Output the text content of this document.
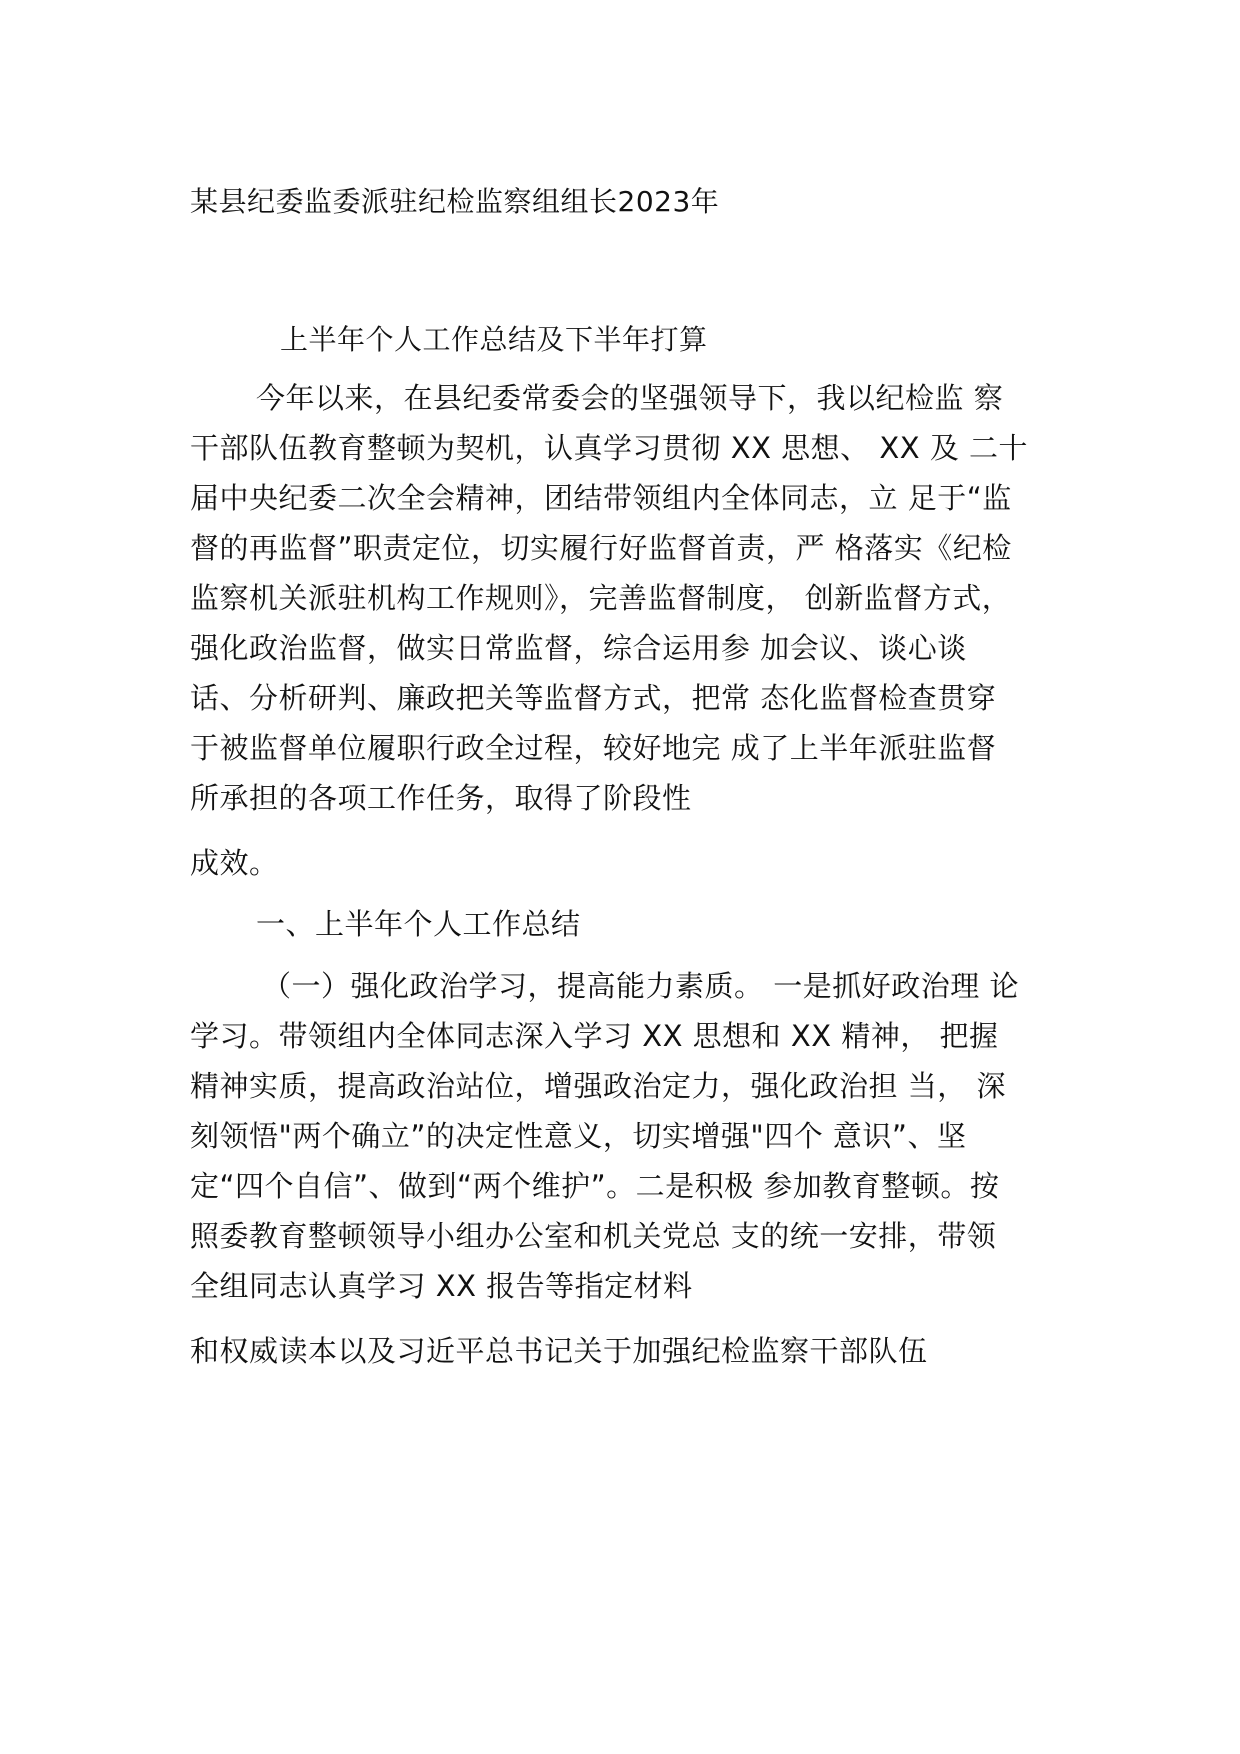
某县纪委监委派驻纪检监察组组长2023年
上半年个人工作总结及下半年打算
今年以来，在县纪委常委会的坚强领导下，我以纪检监 察
干部队伍教育整顿为契机，认真学习贯彻 XX 思想、 XX 及 二十
届中央纪委二次全会精神，团结带领组内全体同志，立 足于“监
督的再监督”职责定位，切实履行好监督首责，严 格落实《纪检
监察机关派驻机构工作规则》，完善监督制度， 创新监督方式，
强化政治监督，做实日常监督，综合运用参 加会议、谈心谈
话、分析研判、廉政把关等监督方式，把常 态化监督检查贯穿
于被监督单位履职行政全过程，较好地完 成了上半年派驻监督
所承担的各项工作任务，取得了阶段性
成效。
一、上半年个人工作总结
（一）强化政治学习，提高能力素质。 一是抓好政治理 论
学习。带领组内全体同志深入学习 XX 思想和 XX 精神， 把握
精神实质，提高政治站位，增强政治定力，强化政治担 当， 深
刻领悟"两个确立”的决定性意义，切实增强"四个 意识”、坚
定“四个自信”、做到“两个维护”。二是积极 参加教育整顿。按
照委教育整顿领导小组办公室和机关党总 支的统一安排，带领
全组同志认真学习 XX 报告等指定材料
和权威读本以及习近平总书记关于加强纪检监察干部队伍
